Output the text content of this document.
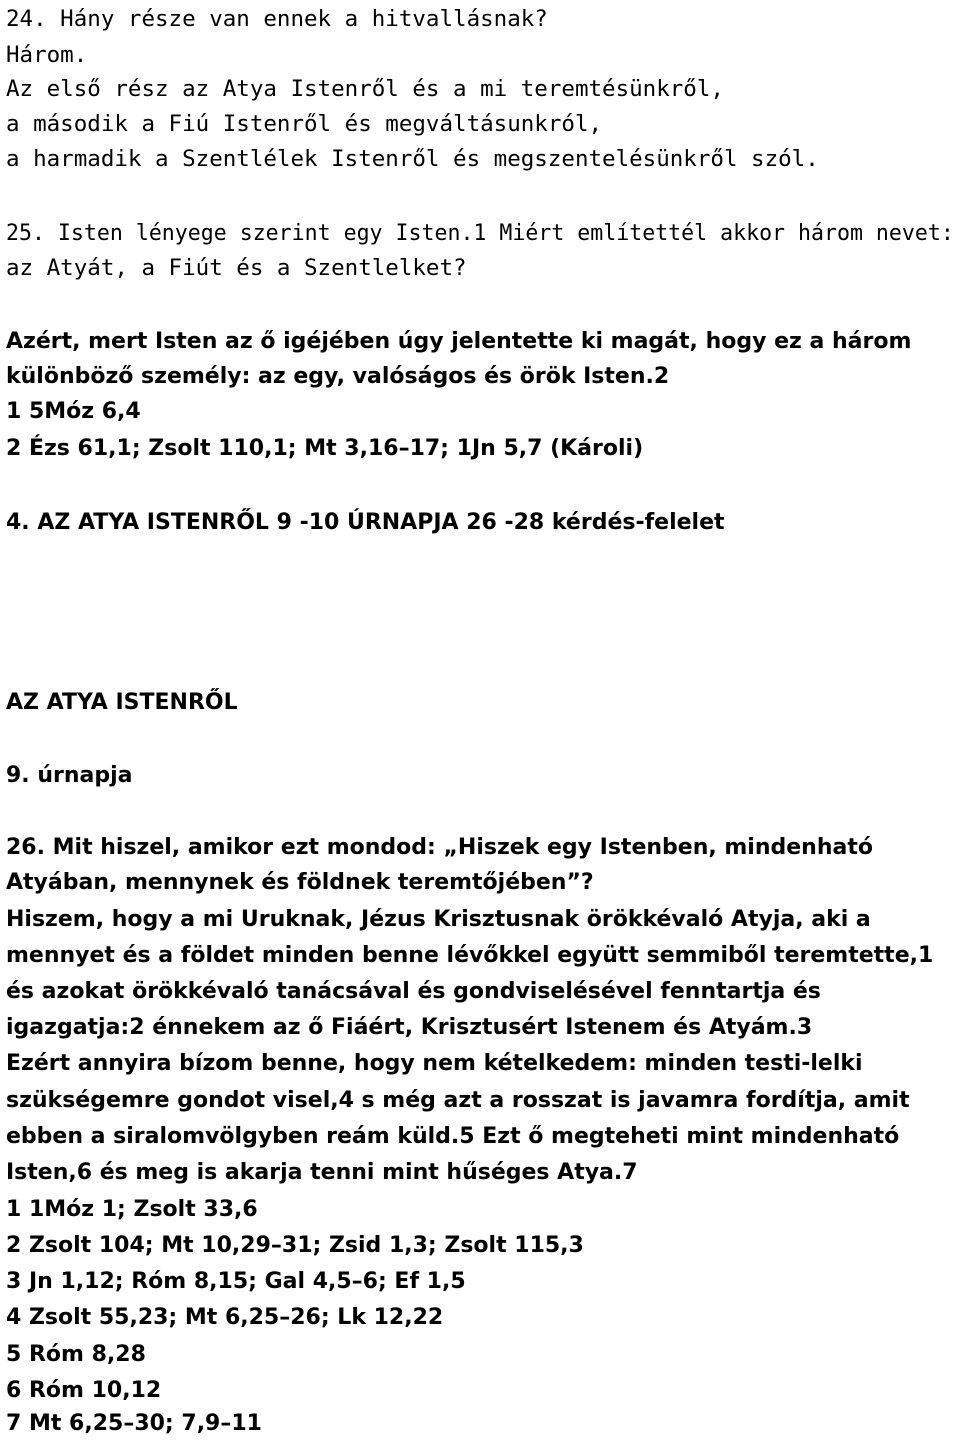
24. Hány része van ennek a hitvallásnak?
Három.
Az első rész az Atya Istenről és a mi teremtésünkről,
a második a Fiú Istenről és megváltásunkról,
a harmadik a Szentlélek Istenről és megszentelésünkről szól.
25. Isten lényege szerint egy Isten.1 Miért említettél akkor három nevet:
az Atyát, a Fiút és a Szentlelket?
Azért, mert Isten az ő igéjében úgy jelentette ki magát, hogy ez a három
különböző személy: az egy, valóságos és örök Isten.2
1 5Móz 6,4
2 Ézs 61,1; Zsolt 110,1; Mt 3,16–17; 1Jn 5,7 (Károli)
4. AZ ATYA ISTENRŐL 9 -10 ÚRNAPJA 26 -28 kérdés-felelet
AZ ATYA ISTENRŐL
9. úrnapja
26. Mit hiszel, amikor ezt mondod: „Hiszek egy Istenben, mindenható
Atyában, mennynek és földnek teremtőjében”?
Hiszem, hogy a mi Uruknak, Jézus Krisztusnak örökkévaló Atyja, aki a
mennyet és a földet minden benne lévőkkel együtt semmiből teremtette,1
és azokat örökkévaló tanácsával és gondviselésével fenntartja és
igazgatja:2 énnekem az ő Fiáért, Krisztusért Istenem és Atyám.3
Ezért annyira bízom benne, hogy nem kételkedem: minden testi-lelki
szükségemre gondot visel,4 s még azt a rosszat is javamra fordítja, amit
ebben a siralomvölgyben reám küld.5 Ezt ő megteheti mint mindenható
Isten,6 és meg is akarja tenni mint hűséges Atya.7
1 1Móz 1; Zsolt 33,6
2 Zsolt 104; Mt 10,29–31; Zsid 1,3; Zsolt 115,3
3 Jn 1,12; Róm 8,15; Gal 4,5–6; Ef 1,5
4 Zsolt 55,23; Mt 6,25–26; Lk 12,22
5 Róm 8,28
6 Róm 10,12
7 Mt 6,25–30; 7,9–11
